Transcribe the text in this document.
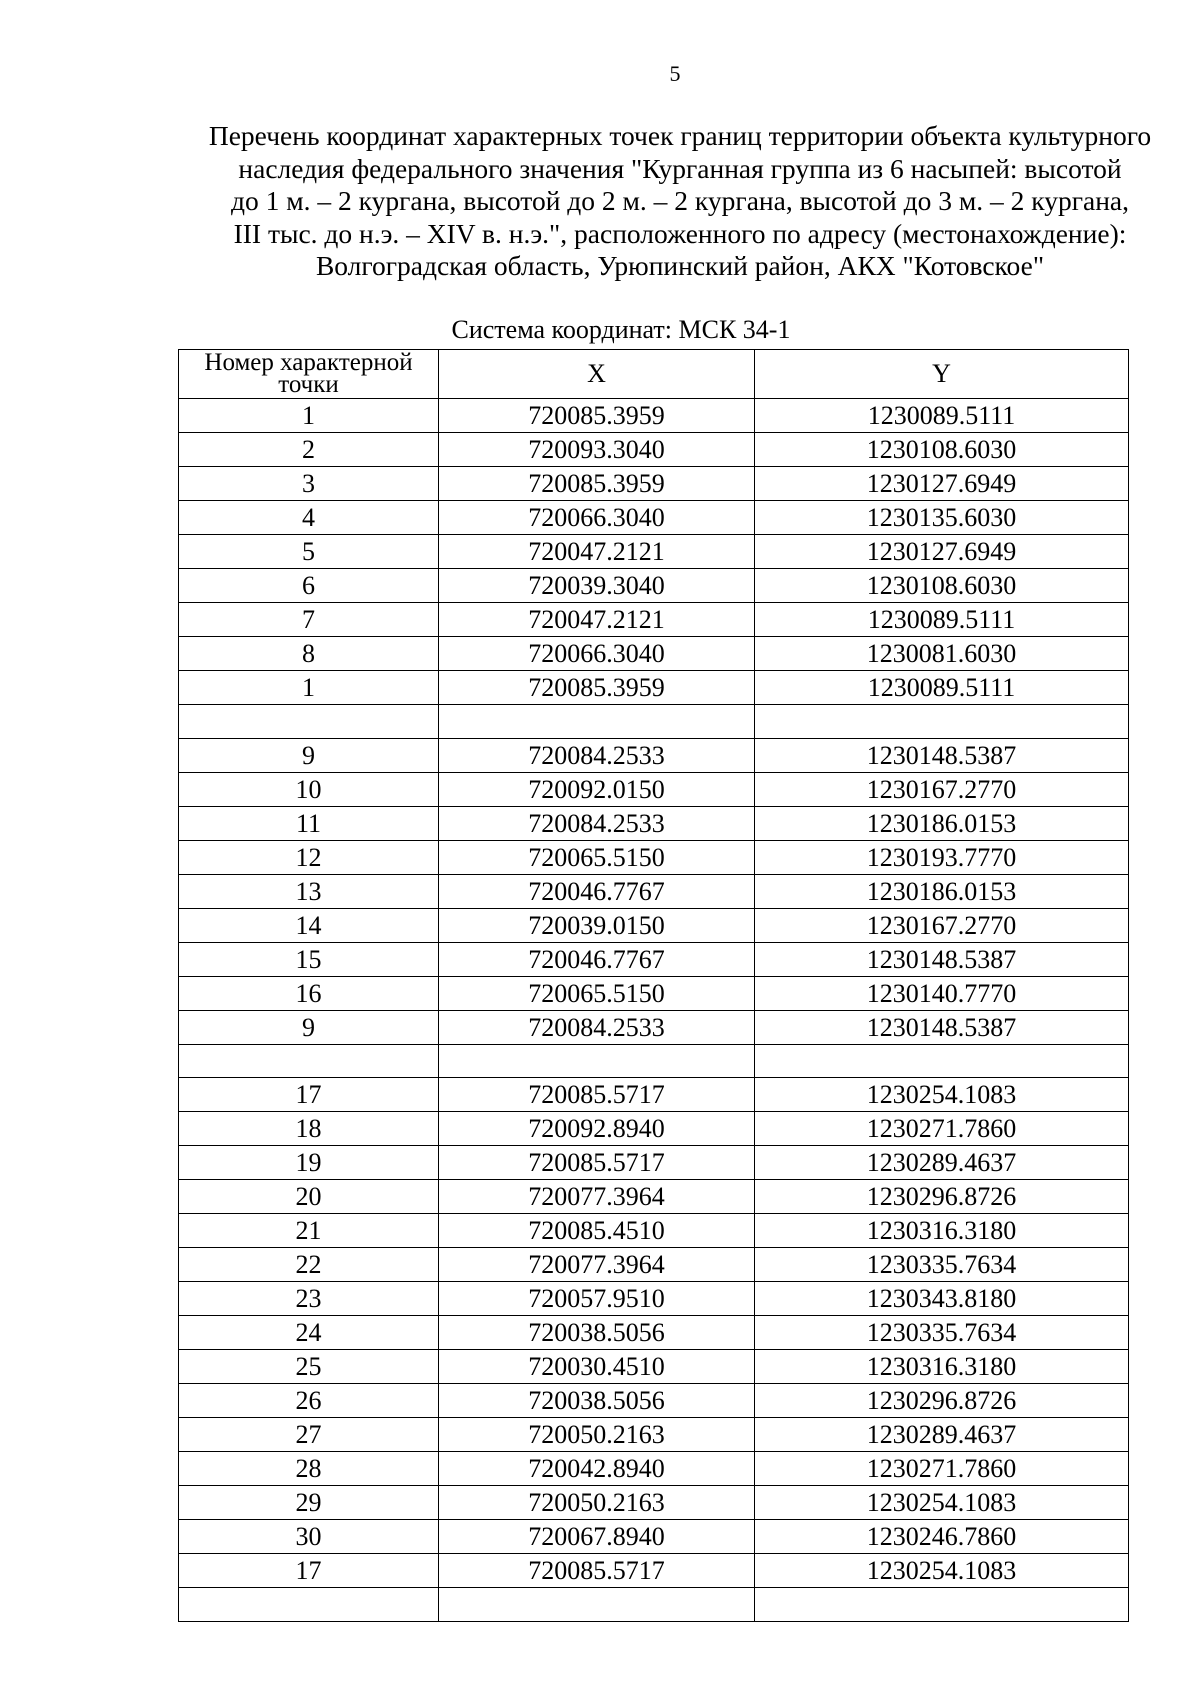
5
Перечень координат характерных точек границ территории объекта культурного
наследия федерального значения "Курганная группа из 6 насыпей: высотой
до 1 м. – 2 кургана, высотой до 2 м. – 2 кургана, высотой до 3 м. – 2 кургана,
III тыс. до н.э. – XIV в. н.э.", расположенного по адресу (местонахождение):
Волгоградская область, Урюпинский район, АКХ "Котовское"
Система координат: МСК 34-1
Номер характерной точки	X	Y
1	720085.3959	1230089.5111
2	720093.3040	1230108.6030
3	720085.3959	1230127.6949
4	720066.3040	1230135.6030
5	720047.2121	1230127.6949
6	720039.3040	1230108.6030
7	720047.2121	1230089.5111
8	720066.3040	1230081.6030
1	720085.3959	1230089.5111

9	720084.2533	1230148.5387
10	720092.0150	1230167.2770
11	720084.2533	1230186.0153
12	720065.5150	1230193.7770
13	720046.7767	1230186.0153
14	720039.0150	1230167.2770
15	720046.7767	1230148.5387
16	720065.5150	1230140.7770
9	720084.2533	1230148.5387

17	720085.5717	1230254.1083
18	720092.8940	1230271.7860
19	720085.5717	1230289.4637
20	720077.3964	1230296.8726
21	720085.4510	1230316.3180
22	720077.3964	1230335.7634
23	720057.9510	1230343.8180
24	720038.5056	1230335.7634
25	720030.4510	1230316.3180
26	720038.5056	1230296.8726
27	720050.2163	1230289.4637
28	720042.8940	1230271.7860
29	720050.2163	1230254.1083
30	720067.8940	1230246.7860
17	720085.5717	1230254.1083
